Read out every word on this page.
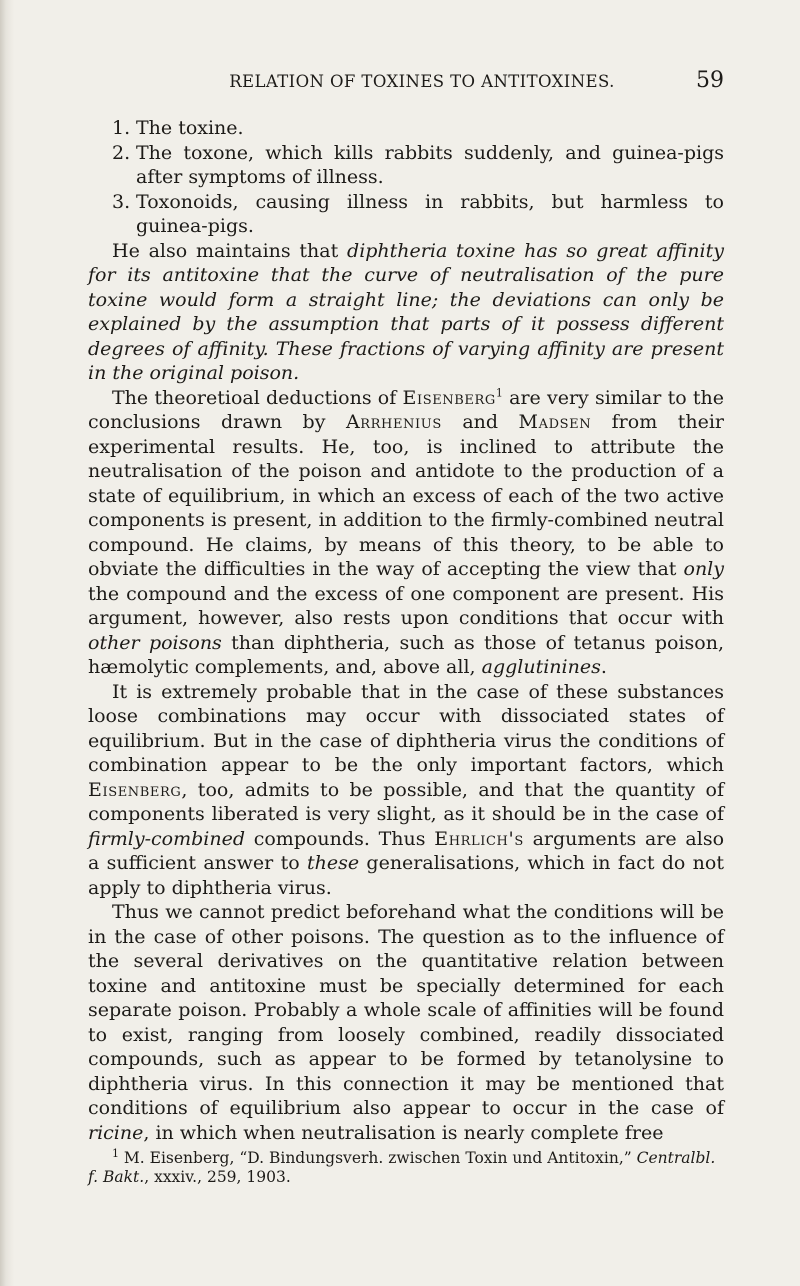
RELATION OF TOXINES TO ANTITOXINES.	59
1. The toxine.
2. The toxone, which kills rabbits suddenly, and guinea-pigs after symptoms of illness.
3. Toxonoids, causing illness in rabbits, but harmless to guinea-pigs.

He also maintains that diphtheria toxine has so great affinity for its antitoxine that the curve of neutralisation of the pure toxine would form a straight line; the deviations can only be explained by the assumption that parts of it possess different degrees of affinity. These fractions of varying affinity are present in the original poison.

The theoretioal deductions of Eisenberg$^1$ are very similar to the conclusions drawn by Arrhenius and Madsen from their experimental results. He, too, is inclined to attribute the neutralisation of the poison and antidote to the production of a state of equilibrium, in which an excess of each of the two active components is present, in addition to the firmly-combined neutral compound. He claims, by means of this theory, to be able to obviate the difficulties in the way of accepting the view that only the compound and the excess of one component are present. His argument, however, also rests upon conditions that occur with other poisons than diphtheria, such as those of tetanus poison, hæmolytic complements, and, above all, agglutinines.

It is extremely probable that in the case of these substances loose combinations may occur with dissociated states of equilibrium. But in the case of diphtheria virus the conditions of combination appear to be the only important factors, which Eisenberg, too, admits to be possible, and that the quantity of components liberated is very slight, as it should be in the case of firmly-combined compounds. Thus Ehrlich's arguments are also a sufficient answer to these generalisations, which in fact do not apply to diphtheria virus.

Thus we cannot predict beforehand what the conditions will be in the case of other poisons. The question as to the influence of the several derivatives on the quantitative relation between toxine and antitoxine must be specially determined for each separate poison. Probably a whole scale of affinities will be found to exist, ranging from loosely combined, readily dissociated compounds, such as appear to be formed by tetanolysine to diphtheria virus. In this connection it may be mentioned that conditions of equilibrium also appear to occur in the case of ricine, in which when neutralisation is nearly complete free

$^1$ M. Eisenberg, “D. Bindungsverh. zwischen Toxin und Antitoxin,” Centralbl. f. Bakt., xxxiv., 259, 1903.
